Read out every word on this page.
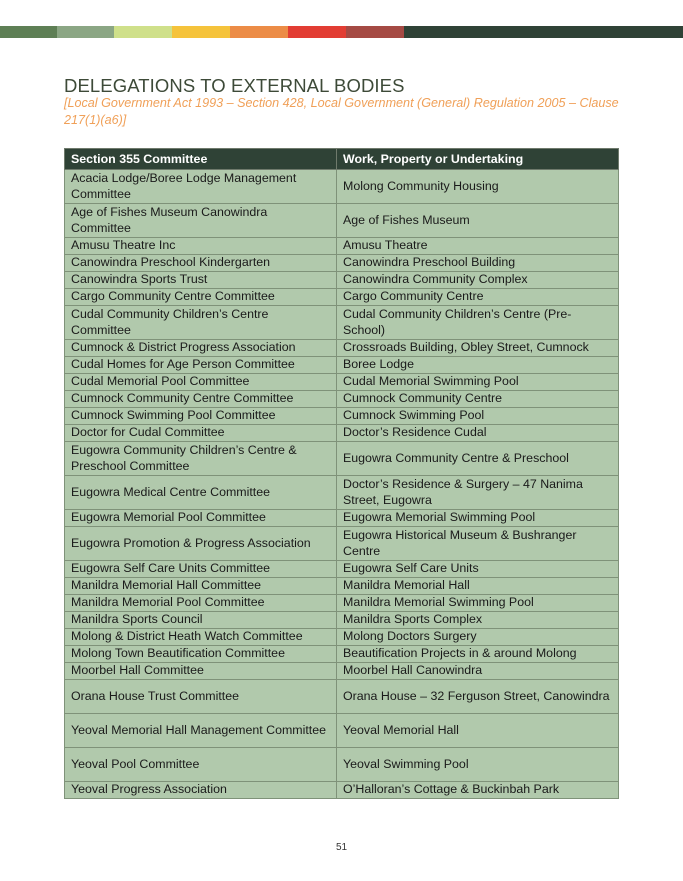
DELEGATIONS TO EXTERNAL BODIES

[Local Government Act 1993 – Section 428, Local Government (General) Regulation 2005 – Clause 217(1)(a6)]

Section 355 Committee	Work, Property or Undertaking
Acacia Lodge/Boree Lodge Management Committee	Molong Community Housing
Age of Fishes Museum Canowindra Committee	Age of Fishes Museum
Amusu Theatre Inc	Amusu Theatre
Canowindra Preschool Kindergarten	Canowindra Preschool Building
Canowindra Sports Trust	Canowindra Community Complex
Cargo Community Centre Committee	Cargo Community Centre
Cudal Community Children’s Centre Committee	Cudal Community Children’s Centre (Pre-School)
Cumnock & District Progress Association	Crossroads Building, Obley Street, Cumnock
Cudal Homes for Age Person Committee	Boree Lodge
Cudal Memorial Pool Committee	Cudal Memorial Swimming Pool
Cumnock Community Centre Committee	Cumnock Community Centre
Cumnock Swimming Pool Committee	Cumnock Swimming Pool
Doctor for Cudal Committee	Doctor’s Residence Cudal
Eugowra Community Children’s Centre & Preschool Committee	Eugowra Community Centre & Preschool
Eugowra Medical Centre Committee	Doctor’s Residence & Surgery – 47 Nanima Street, Eugowra
Eugowra Memorial Pool Committee	Eugowra Memorial Swimming Pool
Eugowra Promotion & Progress Association	Eugowra Historical Museum & Bushranger Centre
Eugowra Self Care Units Committee	Eugowra Self Care Units
Manildra Memorial Hall Committee	Manildra Memorial Hall
Manildra Memorial Pool Committee	Manildra Memorial Swimming Pool
Manildra Sports Council	Manildra Sports Complex
Molong & District Heath Watch Committee	Molong Doctors Surgery
Molong Town Beautification Committee	Beautification Projects in & around Molong
Moorbel Hall Committee	Moorbel Hall Canowindra
Orana House Trust Committee	Orana House – 32 Ferguson Street, Canowindra
Yeoval Memorial Hall Management Committee	Yeoval Memorial Hall
Yeoval Pool Committee	Yeoval Swimming Pool
Yeoval Progress Association	O’Halloran’s Cottage & Buckinbah Park
51
